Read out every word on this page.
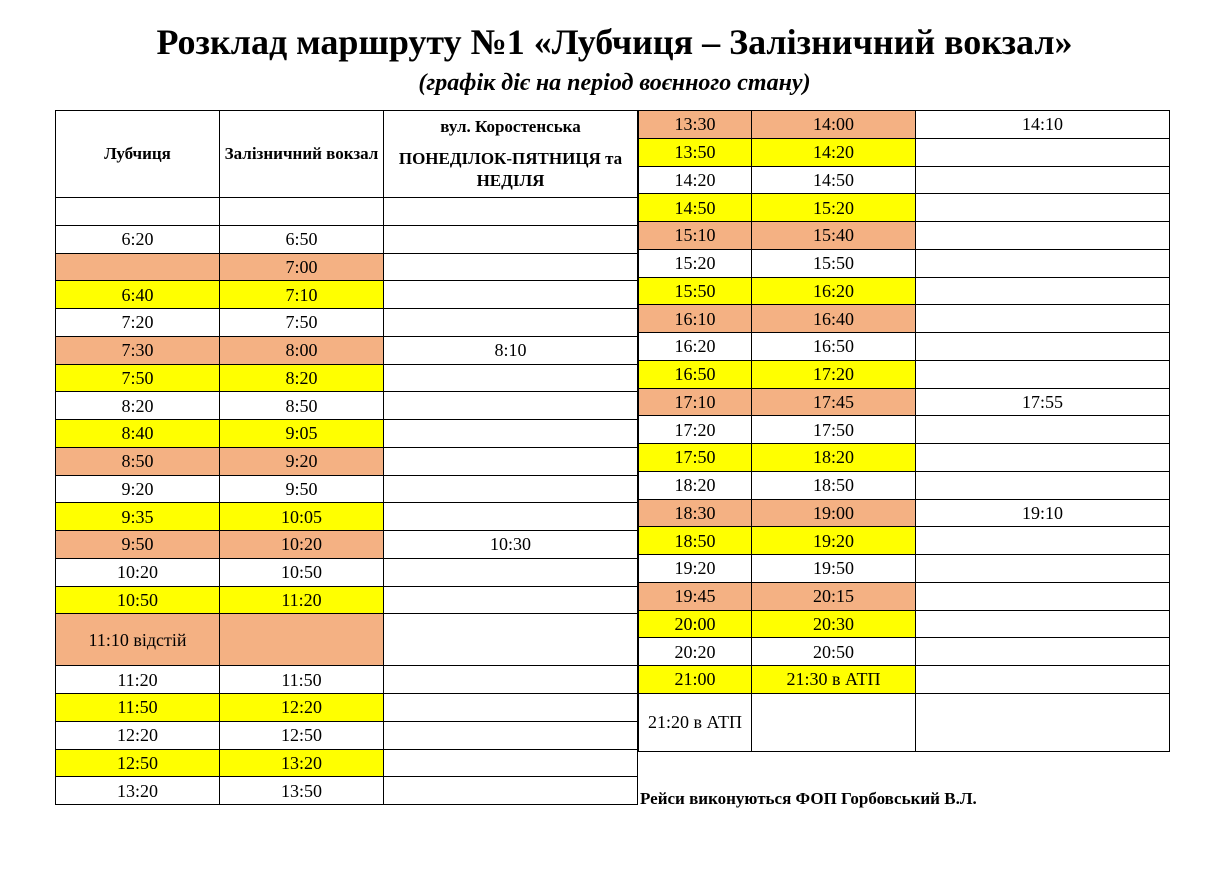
Розклад маршруту №1 «Лубчиця – Залізничний вокзал»
(графік діє на період воєнного стану)
Лубчиця	Залізничний вокзал	вул. Коростенська
ПОНЕДІЛОК-ПЯТНИЦЯ та НЕДІЛЯ

6:20	6:50	
	7:00	
6:40	7:10	
7:20	7:50	
7:30	8:00	8:10
7:50	8:20	
8:20	8:50	
8:40	9:05	
8:50	9:20	
9:20	9:50	
9:35	10:05	
9:50	10:20	10:30
10:20	10:50	
10:50	11:20	
11:10 відстій		
11:20	11:50	
11:50	12:20	
12:20	12:50	
12:50	13:20	
13:20	13:50	
13:30	14:00	14:10
13:50	14:20	
14:20	14:50	
14:50	15:20	
15:10	15:40	
15:20	15:50	
15:50	16:20	
16:10	16:40	
16:20	16:50	
16:50	17:20	
17:10	17:45	17:55
17:20	17:50	
17:50	18:20	
18:20	18:50	
18:30	19:00	19:10
18:50	19:20	
19:20	19:50	
19:45	20:15	
20:00	20:30	
20:20	20:50	
21:00	21:30 в АТП	
21:20 в АТП		
Рейси виконуються ФОП Горбовський В.Л.
